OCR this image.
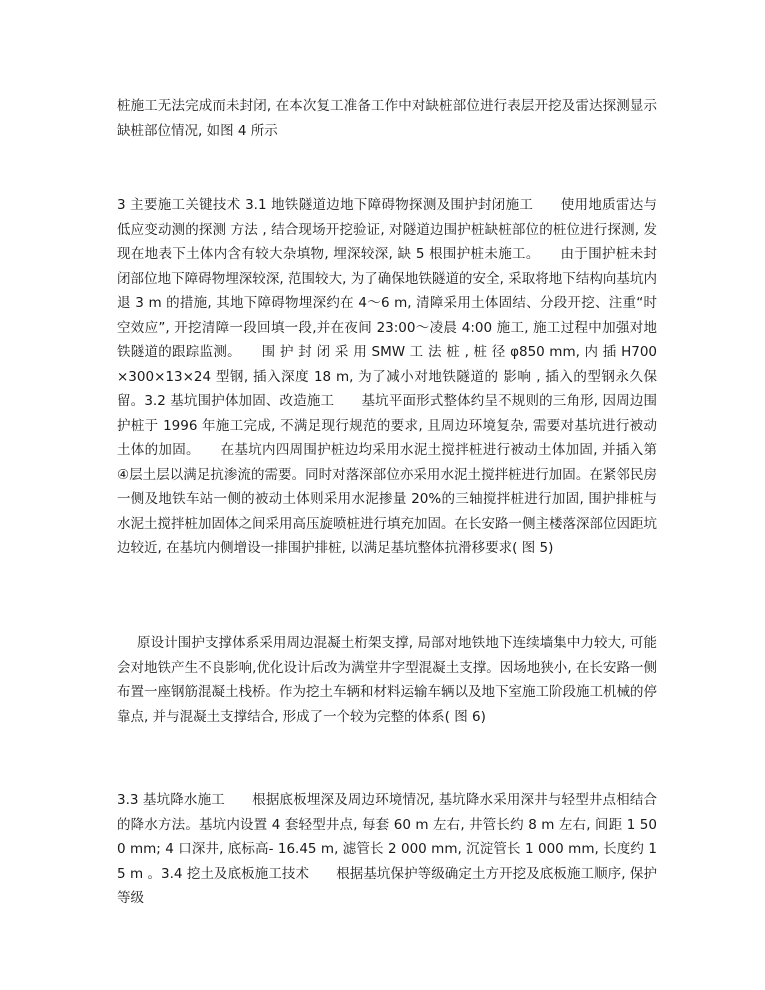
桩施工无法完成而未封闭, 在本次复工准备工作中对缺桩部位进行表层开挖及雷达探测显示缺桩部位情况, 如图 4 所示

3 主要施工关键技术 3.1 地铁隧道边地下障碍物探测及围护封闭施工　　使用地质雷达与低应变动测的探测 方法 , 结合现场开挖验证, 对隧道边围护桩缺桩部位的桩位进行探测, 发现在地表下土体内含有较大杂填物, 埋深较深, 缺 5 根围护桩未施工。　　由于围护桩未封闭部位地下障碍物埋深较深, 范围较大, 为了确保地铁隧道的安全, 采取将地下结构向基坑内退 3 m 的措施, 其地下障碍物埋深约在 4～6 m, 清障采用土体固结、分段开挖、注重“时空效应”, 开挖清障一段回填一段,并在夜间 23:00～凌晨 4:00 施工, 施工过程中加强对地铁隧道的跟踪监测。　　围 护 封 闭 采 用 SMW 工 法 桩 , 桩 径 φ850 mm, 内 插 H700×300×13×24 型钢, 插入深度 18 m, 为了减小对地铁隧道的 影响 , 插入的型钢永久保留。3.2 基坑围护体加固、改造施工　　基坑平面形式整体约呈不规则的三角形, 因周边围护桩于 1996 年施工完成, 不满足现行规范的要求, 且周边环境复杂, 需要对基坑进行被动土体的加固。　　在基坑内四周围护桩边均采用水泥土搅拌桩进行被动土体加固, 并插入第④层土层以满足抗渗流的需要。同时对落深部位亦采用水泥土搅拌桩进行加固。在紧邻民房一侧及地铁车站一侧的被动土体则采用水泥掺量 20%的三轴搅拌桩进行加固, 围护排桩与水泥土搅拌桩加固体之间采用高压旋喷桩进行填充加固。在长安路一侧主楼落深部位因距坑边较近, 在基坑内侧增设一排围护排桩, 以满足基坑整体抗滑移要求( 图 5)

原设计围护支撑体系采用周边混凝土桁架支撑, 局部对地铁地下连续墙集中力较大, 可能会对地铁产生不良影响,优化设计后改为满堂井字型混凝土支撑。因场地狭小, 在长安路一侧布置一座钢筋混凝土栈桥。作为挖土车辆和材料运输车辆以及地下室施工阶段施工机械的停靠点, 并与混凝土支撑结合, 形成了一个较为完整的体系( 图 6)

3.3 基坑降水施工　　根据底板埋深及周边环境情况, 基坑降水采用深井与轻型井点相结合的降水方法。基坑内设置 4 套轻型井点, 每套 60 m 左右, 井管长约 8 m 左右, 间距 1 500 mm; 4 口深井, 底标高- 16.45 m, 滤管长 2 000 mm, 沉淀管长 1 000 mm, 长度约 15 m 。3.4 挖土及底板施工技术　　根据基坑保护等级确定土方开挖及底板施工顺序, 保护等级
